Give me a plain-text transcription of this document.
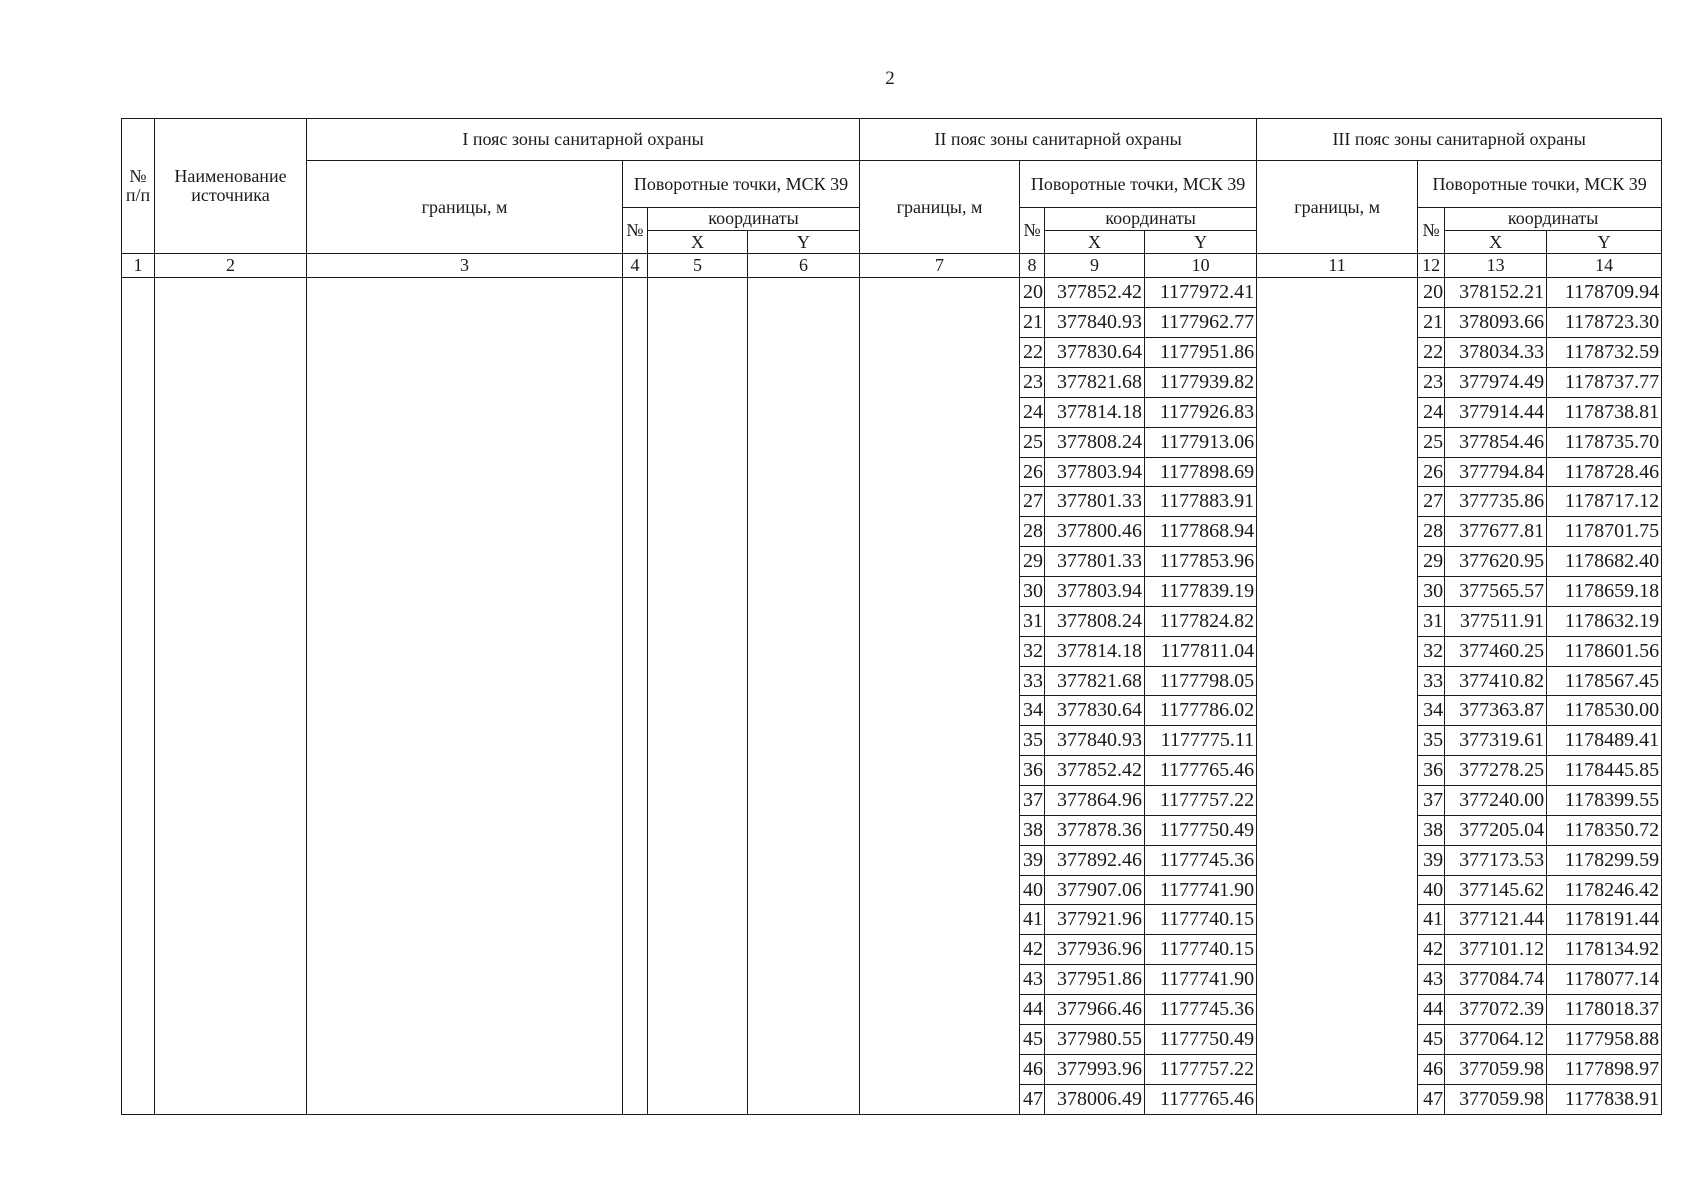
2
№ п/п	Наименование источника	I пояс зоны санитарной охраны				II пояс зоны санитарной охраны				III пояс зоны санитарной охраны			
		границы, м	Поворотные точки, МСК 39			границы, м	Поворотные точки, МСК 39			границы, м	Поворотные точки, МСК 39		
			№	координаты			№	координаты			№	координаты	
				X	Y			X	Y			X	Y
1	2	3	4	5	6	7	8	9	10	11	12	13	14
							20	377852.42	1177972.41		20	378152.21	1178709.94
							21	377840.93	1177962.77		21	378093.66	1178723.30
							22	377830.64	1177951.86		22	378034.33	1178732.59
							23	377821.68	1177939.82		23	377974.49	1178737.77
							24	377814.18	1177926.83		24	377914.44	1178738.81
							25	377808.24	1177913.06		25	377854.46	1178735.70
							26	377803.94	1177898.69		26	377794.84	1178728.46
							27	377801.33	1177883.91		27	377735.86	1178717.12
							28	377800.46	1177868.94		28	377677.81	1178701.75
							29	377801.33	1177853.96		29	377620.95	1178682.40
							30	377803.94	1177839.19		30	377565.57	1178659.18
							31	377808.24	1177824.82		31	377511.91	1178632.19
							32	377814.18	1177811.04		32	377460.25	1178601.56
							33	377821.68	1177798.05		33	377410.82	1178567.45
							34	377830.64	1177786.02		34	377363.87	1178530.00
							35	377840.93	1177775.11		35	377319.61	1178489.41
							36	377852.42	1177765.46		36	377278.25	1178445.85
							37	377864.96	1177757.22		37	377240.00	1178399.55
							38	377878.36	1177750.49		38	377205.04	1178350.72
							39	377892.46	1177745.36		39	377173.53	1178299.59
							40	377907.06	1177741.90		40	377145.62	1178246.42
							41	377921.96	1177740.15		41	377121.44	1178191.44
							42	377936.96	1177740.15		42	377101.12	1178134.92
							43	377951.86	1177741.90		43	377084.74	1178077.14
							44	377966.46	1177745.36		44	377072.39	1178018.37
							45	377980.55	1177750.49		45	377064.12	1177958.88
							46	377993.96	1177757.22		46	377059.98	1177898.97
							47	378006.49	1177765.46		47	377059.98	1177838.91
